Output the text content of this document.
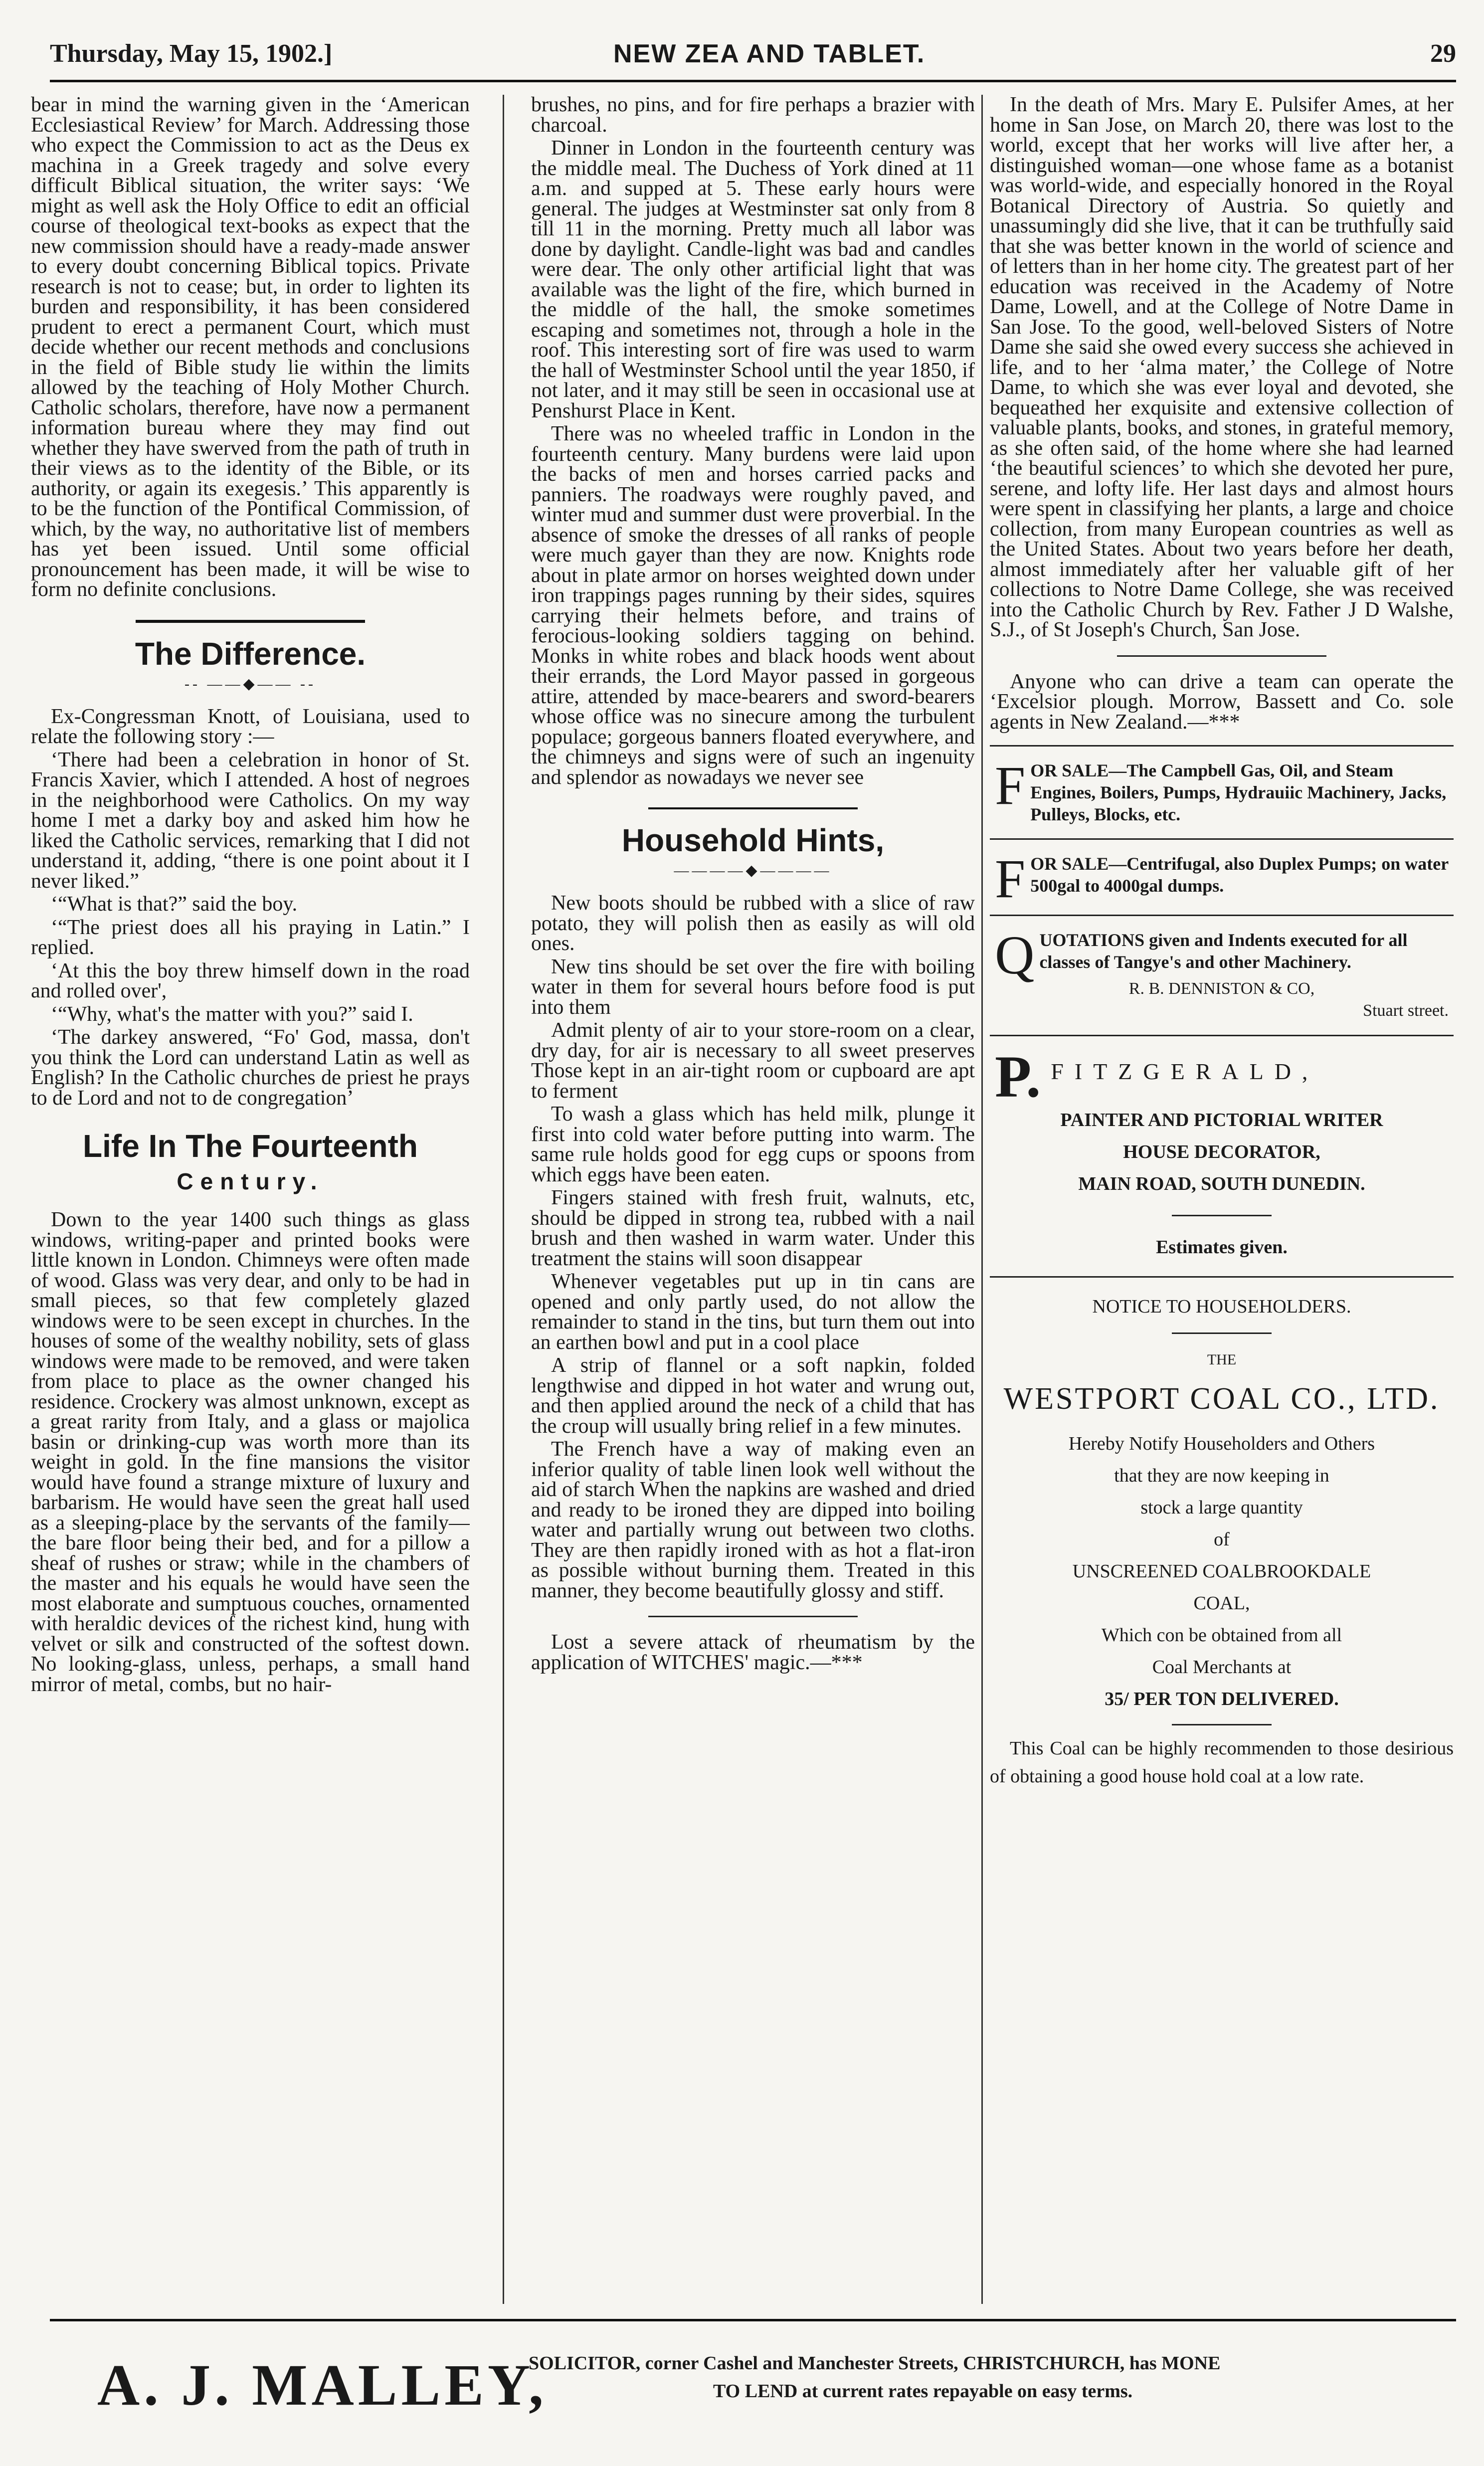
Thursday, May 15, 1902.]	NEW ZEA AND TABLET.	29

bear in mind the warning given in the ‘American Ecclesiastical Review’ for March. Addressing those who expect the Commission to act as the Deus ex machina in a Greek tragedy and solve every difficult Biblical situation, the writer says: ‘We might as well ask the Holy Office to edit an official course of theological text-books as expect that the new commission should have a ready-made answer to every doubt concerning Biblical topics. Private research is not to cease; but, in order to lighten its burden and responsibility, it has been considered prudent to erect a permanent Court, which must decide whether our recent methods and conclusions in the field of Bible study lie within the limits allowed by the teaching of Holy Mother Church. Catholic scholars, therefore, have now a permanent information bureau where they may find out whether they have swerved from the path of truth in their views as to the identity of the Bible, or its authority, or again its exegesis.’ This apparently is to be the function of the Pontifical Commission, of which, by the way, no authoritative list of members has yet been issued. Until some official pronouncement has been made, it will be wise to form no definite conclusions.

The Difference.
-- ——◆—— --

Ex-Congressman Knott, of Louisiana, used to relate the following story :—

‘There had been a celebration in honor of St. Francis Xavier, which I attended. A host of negroes in the neighborhood were Catholics. On my way home I met a darky boy and asked him how he liked the Catholic services, remarking that I did not understand it, adding, “there is one point about it I never liked.”

‘“What is that?” said the boy.

‘“The priest does all his praying in Latin.” I replied.

‘At this the boy threw himself down in the road and rolled over',

‘“Why, what's the matter with you?” said I.

‘The darkey answered, “Fo' God, massa, don't you think the Lord can understand Latin as well as English? In the Catholic churches de priest he prays to de Lord and not to de congregation’

Life In The Fourteenth
Century.

Down to the year 1400 such things as glass windows, writing-paper and printed books were little known in London. Chimneys were often made of wood. Glass was very dear, and only to be had in small pieces, so that few completely glazed windows were to be seen except in churches. In the houses of some of the wealthy nobility, sets of glass windows were made to be removed, and were taken from place to place as the owner changed his residence. Crockery was almost unknown, except as a great rarity from Italy, and a glass or majolica basin or drinking-cup was worth more than its weight in gold. In the fine mansions the visitor would have found a strange mixture of luxury and barbarism. He would have seen the great hall used as a sleeping-place by the servants of the family—the bare floor being their bed, and for a pillow a sheaf of rushes or straw; while in the chambers of the master and his equals he would have seen the most elaborate and sumptuous couches, ornamented with heraldic devices of the richest kind, hung with velvet or silk and constructed of the softest down. No looking-glass, unless, perhaps, a small hand mirror of metal, combs, but no hair-

brushes, no pins, and for fire perhaps a brazier with charcoal.

Dinner in London in the fourteenth century was the middle meal. The Duchess of York dined at 11 a.m. and supped at 5. These early hours were general. The judges at Westminster sat only from 8 till 11 in the morning. Pretty much all labor was done by daylight. Candle-light was bad and candles were dear. The only other artificial light that was available was the light of the fire, which burned in the middle of the hall, the smoke sometimes escaping and sometimes not, through a hole in the roof. This interesting sort of fire was used to warm the hall of Westminster School until the year 1850, if not later, and it may still be seen in occasional use at Penshurst Place in Kent.

There was no wheeled traffic in London in the fourteenth century. Many burdens were laid upon the backs of men and horses carried packs and panniers. The roadways were roughly paved, and winter mud and summer dust were proverbial. In the absence of smoke the dresses of all ranks of people were much gayer than they are now. Knights rode about in plate armor on horses weighted down under iron trappings pages running by their sides, squires carrying their helmets before, and trains of ferocious-looking soldiers tagging on behind. Monks in white robes and black hoods went about their errands, the Lord Mayor passed in gorgeous attire, attended by mace-bearers and sword-bearers whose office was no sinecure among the turbulent populace; gorgeous banners floated everywhere, and the chimneys and signs were of such an ingenuity and splendor as nowadays we never see

Household Hints,
————◆————

New boots should be rubbed with a slice of raw potato, they will polish then as easily as will old ones.

New tins should be set over the fire with boiling water in them for several hours before food is put into them

Admit plenty of air to your store-room on a clear, dry day, for air is necessary to all sweet preserves Those kept in an air-tight room or cupboard are apt to ferment

To wash a glass which has held milk, plunge it first into cold water before putting into warm. The same rule holds good for egg cups or spoons from which eggs have been eaten.

Fingers stained with fresh fruit, walnuts, etc, should be dipped in strong tea, rubbed with a nail brush and then washed in warm water. Under this treatment the stains will soon disappear

Whenever vegetables put up in tin cans are opened and only partly used, do not allow the remainder to stand in the tins, but turn them out into an earthen bowl and put in a cool place

A strip of flannel or a soft napkin, folded lengthwise and dipped in hot water and wrung out, and then applied around the neck of a child that has the croup will usually bring relief in a few minutes.

The French have a way of making even an inferior quality of table linen look well without the aid of starch When the napkins are washed and dried and ready to be ironed they are dipped into boiling water and partially wrung out between two cloths. They are then rapidly ironed with as hot a flat-iron as possible without burning them. Treated in this manner, they become beautifully glossy and stiff.

Lost a severe attack of rheumatism by the application of WITCHES' magic.—***

In the death of Mrs. Mary E. Pulsifer Ames, at her home in San Jose, on March 20, there was lost to the world, except that her works will live after her, a distinguished woman—one whose fame as a botanist was world-wide, and especially honored in the Royal Botanical Directory of Austria. So quietly and unassumingly did she live, that it can be truthfully said that she was better known in the world of science and of letters than in her home city. The greatest part of her education was received in the Academy of Notre Dame, Lowell, and at the College of Notre Dame in San Jose. To the good, well-beloved Sisters of Notre Dame she said she owed every success she achieved in life, and to her ‘alma mater,’ the College of Notre Dame, to which she was ever loyal and devoted, she bequeathed her exquisite and extensive collection of valuable plants, books, and stones, in grateful memory, as she often said, of the home where she had learned ‘the beautiful sciences’ to which she devoted her pure, serene, and lofty life. Her last days and almost hours were spent in classifying her plants, a large and choice collection, from many European countries as well as the United States. About two years before her death, almost immediately after her valuable gift of her collections to Notre Dame College, she was received into the Catholic Church by Rev. Father J D Walshe, S.J., of St Joseph's Church, San Jose.

Anyone who can drive a team can operate the ‘Excelsior plough. Morrow, Bassett and Co. sole agents in New Zealand.—***

F OR SALE—The Campbell Gas, Oil, and Steam Engines, Boilers, Pumps, Hydrauiic Machinery, Jacks, Pulleys, Blocks, etc.
F OR SALE—Centrifugal, also Duplex Pumps; on water 500gal to 4000gal dumps.
Q UOTATIONS given and Indents executed for all classes of Tangye's and other Machinery.
R. B. DENNISTON & CO,
Stuart street.
P. FITZGERALD,
PAINTER AND PICTORIAL WRITER
HOUSE DECORATOR,
MAIN ROAD, SOUTH DUNEDIN.
Estimates given.
NOTICE TO HOUSEHOLDERS.
THE
WESTPORT COAL CO., LTD.
Hereby Notify Householders and Others
that they are now keeping in
stock a large quantity
of
UNSCREENED COALBROOKDALE
COAL,
Which con be obtained from all
Coal Merchants at
35/ PER TON DELIVERED.

This Coal can be highly recommenden to those desirious of obtaining a good house hold coal at a low rate.

A. J. MALLEY,
SOLICITOR, corner Cashel and Manchester Streets, CHRISTCHURCH, has MONE
TO LEND at current rates repayable on easy terms.
